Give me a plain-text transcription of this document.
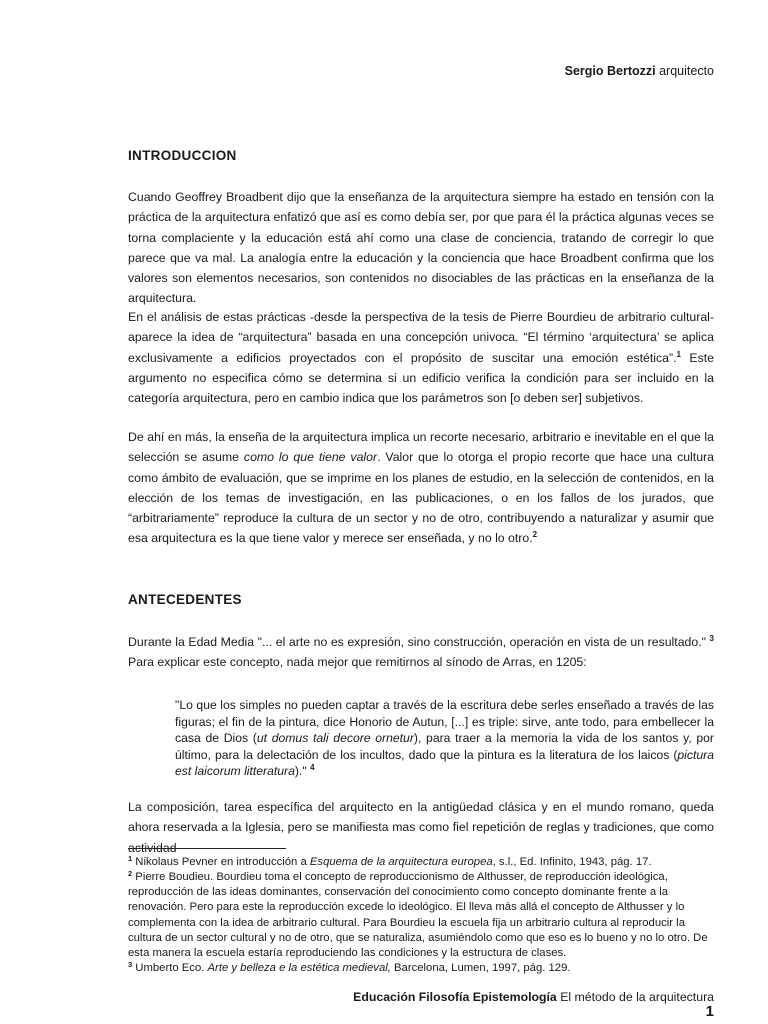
Sergio Bertozzi arquitecto
INTRODUCCION

Cuando Geoffrey Broadbent dijo que la enseñanza de la arquitectura siempre ha estado en tensión con la práctica de la arquitectura enfatizó que así es como debía ser, por que para él la práctica algunas veces se torna complaciente y la educación está ahí como una clase de conciencia, tratando de corregir lo que parece que va mal. La analogía entre la educación y la conciencia que hace Broadbent confirma que los valores son elementos necesarios, son contenidos no disociables de las prácticas en la enseñanza de la arquitectura.

En el análisis de estas prácticas -desde la perspectiva de la tesis de Pierre Bourdieu de arbitrario cultural- aparece la idea de “arquitectura” basada en una concepción univoca. “El término ‘arquitectura’ se aplica exclusivamente a edificios proyectados con el propósito de suscitar una emoción estética”.$^1$ Este argumento no especifica cómo se determina si un edificio verifica la condición para ser incluido en la categoría arquitectura, pero en cambio indica que los parámetros son [o deben ser] subjetivos.

De ahí en más, la enseña de la arquitectura implica un recorte necesario, arbitrario e inevitable en el que la selección se asume como lo que tiene valor. Valor que lo otorga el propio recorte que hace una cultura como ámbito de evaluación, que se imprime en los planes de estudio, en la selección de contenidos, en la elección de los temas de investigación, en las publicaciones, o en los fallos de los jurados, que “arbitrariamente” reproduce la cultura de un sector y no de otro, contribuyendo a naturalizar y asumir que esa arquitectura es la que tiene valor y merece ser enseñada, y no lo otro.$^2$

ANTECEDENTES

Durante la Edad Media "... el arte no es expresión, sino construcción, operación en vista de un resultado." $^3$ Para explicar este concepto, nada mejor que remitirnos al sínodo de Arras, en 1205:

"Lo que los simples no pueden captar a través de la escritura debe serles enseñado a través de las figuras; el fin de la pintura, dice Honorio de Autun, [...] es triple: sirve, ante todo, para embellecer la casa de Dios (ut domus tali decore ornetur), para traer a la memoria la vida de los santos y, por último, para la delectación de los incultos, dado que la pintura es la literatura de los laicos (pictura est laicorum litteratura)." $^4$

La composición, tarea específica del arquitecto en la antigüedad clásica y en el mundo romano, queda ahora reservada a la Iglesia, pero se manifiesta mas como fiel repetición de reglas y tradiciones, que como actividad

$^1$ Nikolaus Pevner en introducción a Esquema de la arquitectura europea, s.l., Ed. Infinito, 1943, pág. 17.
$^2$ Pierre Boudieu. Bourdieu toma el concepto de reproduccionismo de Althusser, de reproducción ideológica, reproducción de las ideas dominantes, conservación del conocimiento como concepto dominante frente a la renovación. Pero para este la reproducción excede lo ideológico. El lleva más allá el concepto de Althusser y lo complementa con la idea de arbitrario cultural. Para Bourdieu la escuela fija un arbitrario cultura al reproducir la cultura de un sector cultural y no de otro, que se naturaliza, asumiéndolo como que eso es lo bueno y no lo otro. De esta manera la escuela estaría reproduciendo las condiciones y la estructura de clases.
$^3$ Umberto Eco. Arte y belleza e la estética medieval, Barcelona, Lumen, 1997, pág. 129.
Educación Filosofía Epistemología El método de la arquitectura
1
